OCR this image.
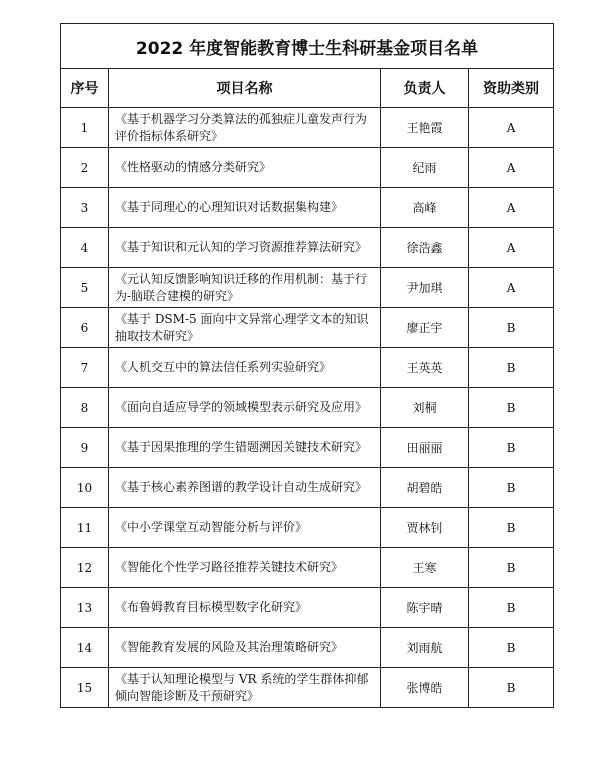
2022 年度智能教育博士生科研基金项目名单			
序号	项目名称	负责人	资助类别
1	《基于机器学习分类算法的孤独症儿童发声行为评价指标体系研究》	王艳霞	A
2	《性格驱动的情感分类研究》	纪雨	A
3	《基于同理心的心理知识对话数据集构建》	高峰	A
4	《基于知识和元认知的学习资源推荐算法研究》	徐浩鑫	A
5	《元认知反馈影响知识迁移的作用机制：基于行为-脑联合建模的研究》	尹加琪	A
6	《基于 DSM-5 面向中文异常心理学文本的知识抽取技术研究》	廖正宇	B
7	《人机交互中的算法信任系列实验研究》	王英英	B
8	《面向自适应导学的领域模型表示研究及应用》	刘桐	B
9	《基于因果推理的学生错题溯因关键技术研究》	田丽丽	B
10	《基于核心素养图谱的教学设计自动生成研究》	胡碧皓	B
11	《中小学课堂互动智能分析与评价》	贾林钊	B
12	《智能化个性学习路径推荐关键技术研究》	王寒	B
13	《布鲁姆教育目标模型数字化研究》	陈宇晴	B
14	《智能教育发展的风险及其治理策略研究》	刘雨航	B
15	《基于认知理论模型与 VR 系统的学生群体抑郁倾向智能诊断及干预研究》	张博皓	B
